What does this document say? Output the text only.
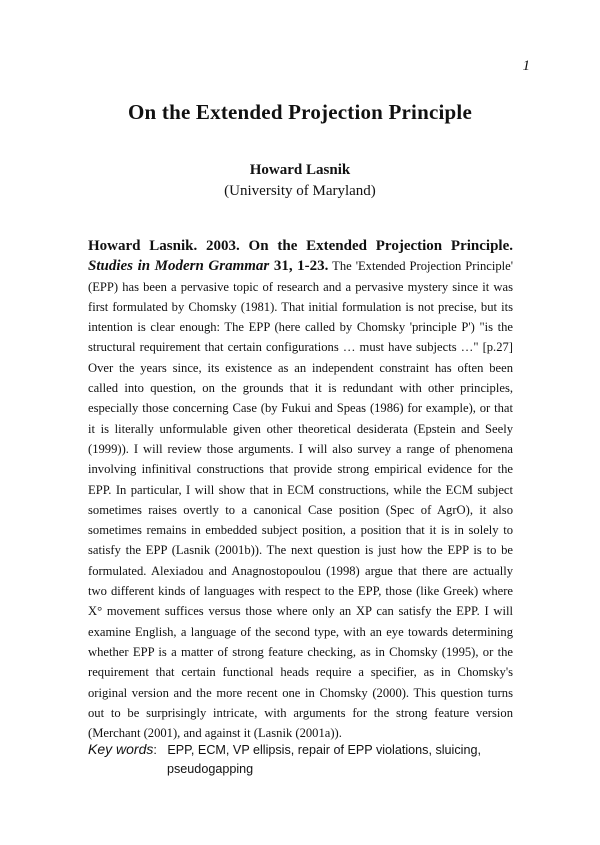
1
On the Extended Projection Principle
Howard Lasnik
(University of Maryland)
Howard Lasnik. 2003. On the Extended Projection Principle. Studies in Modern Grammar 31, 1-23. The 'Extended Projection Principle' (EPP) has been a pervasive topic of research and a pervasive mystery since it was first formulated by Chomsky (1981). That initial formulation is not precise, but its intention is clear enough: The EPP (here called by Chomsky 'principle P') "is the structural requirement that certain configurations … must have subjects …" [p.27] Over the years since, its existence as an independent constraint has often been called into question, on the grounds that it is redundant with other principles, especially those concerning Case (by Fukui and Speas (1986) for example), or that it is literally unformulable given other theoretical desiderata (Epstein and Seely (1999)). I will review those arguments. I will also survey a range of phenomena involving infinitival constructions that provide strong empirical evidence for the EPP. In particular, I will show that in ECM constructions, while the ECM subject sometimes raises overtly to a canonical Case position (Spec of AgrO), it also sometimes remains in embedded subject position, a position that it is in solely to satisfy the EPP (Lasnik (2001b)). The next question is just how the EPP is to be formulated. Alexiadou and Anagnostopoulou (1998) argue that there are actually two different kinds of languages with respect to the EPP, those (like Greek) where X° movement suffices versus those where only an XP can satisfy the EPP. I will examine English, a language of the second type, with an eye towards determining whether EPP is a matter of strong feature checking, as in Chomsky (1995), or the requirement that certain functional heads require a specifier, as in Chomsky's original version and the more recent one in Chomsky (2000). This question turns out to be surprisingly intricate, with arguments for the strong feature version (Merchant (2001), and against it (Lasnik (2001a)).
Key words:   EPP, ECM, VP ellipsis, repair of EPP violations, sluicing,
pseudogapping
